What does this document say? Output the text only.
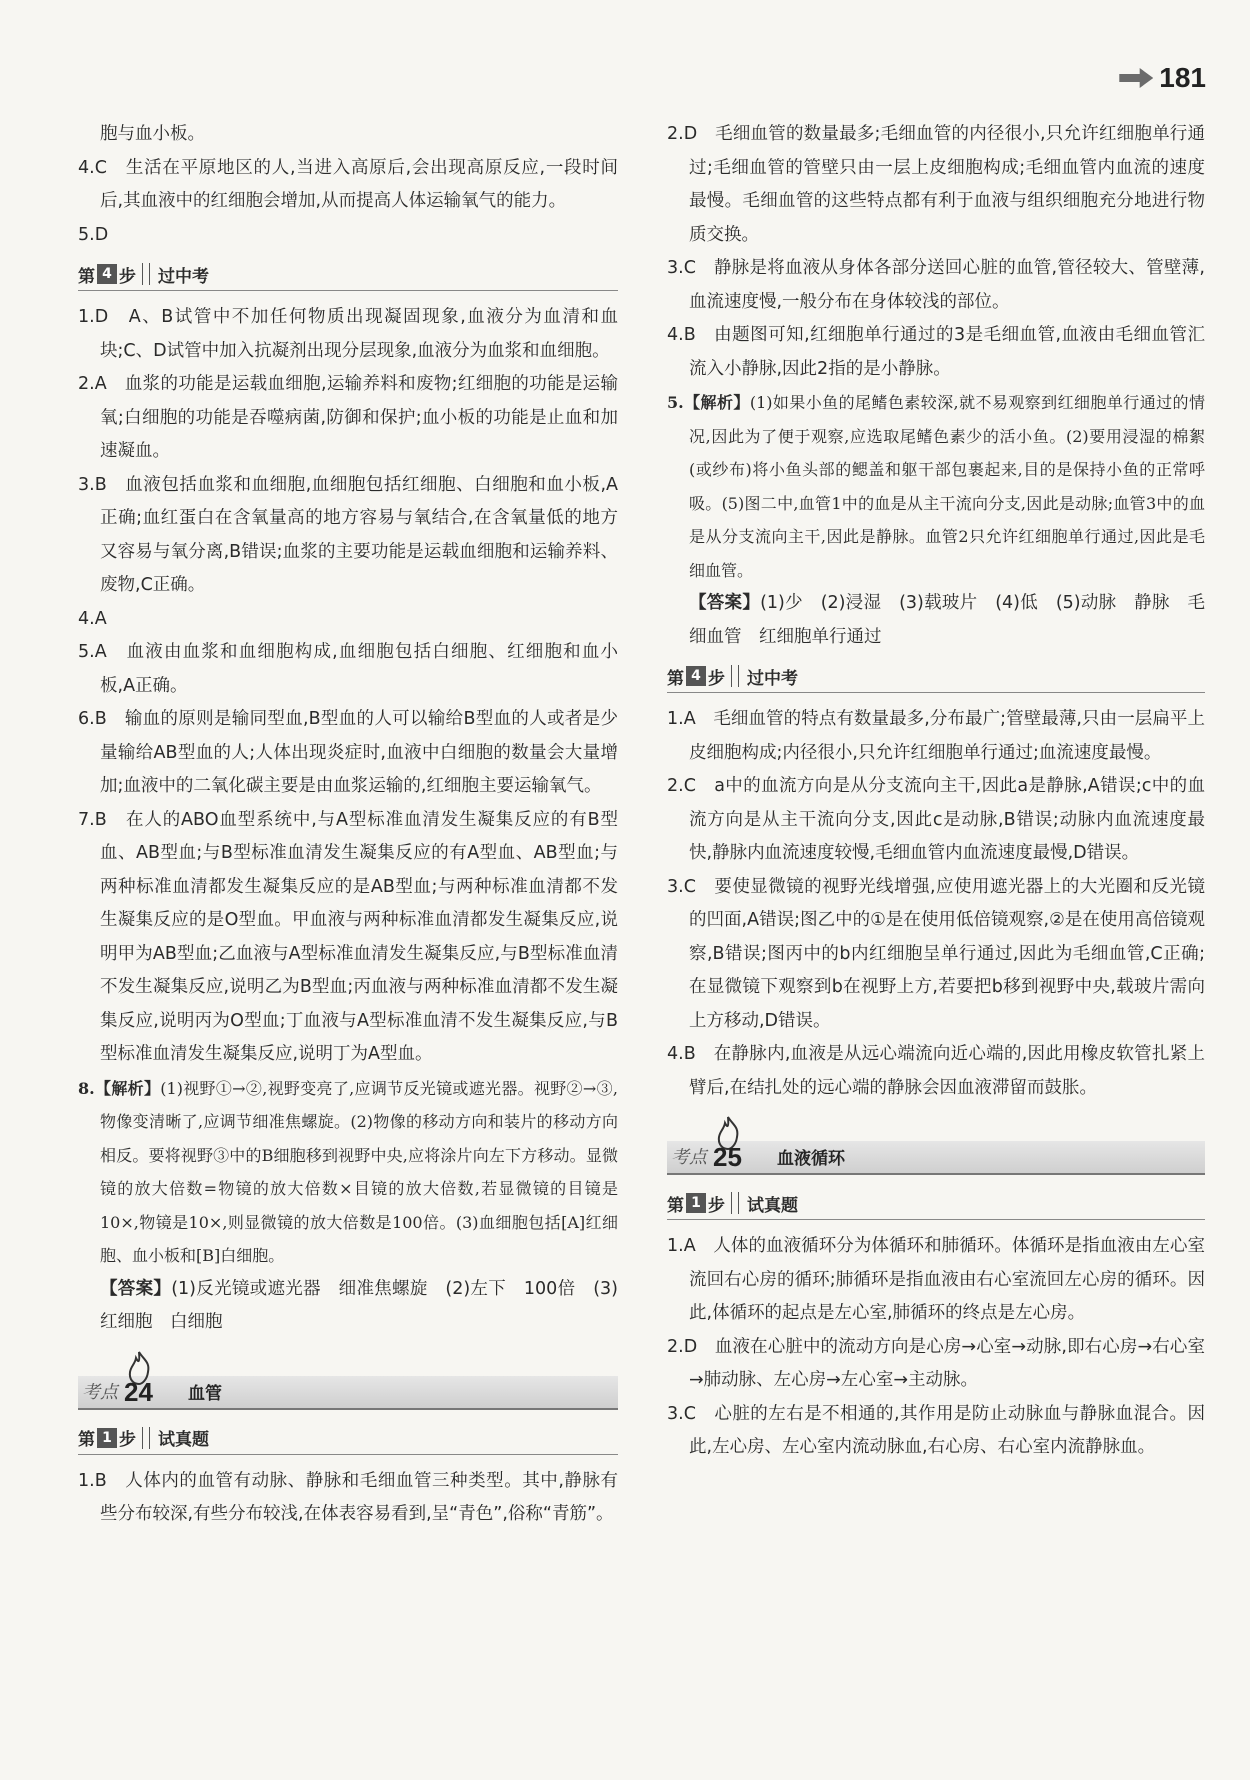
181

胞与血小板。

4.C　 生活在平原地区的人,当进入高原后,会出现高原反应,一段时间后,其血液中的红细胞会增加,从而提高人体运输氧气的能力。

5.D

第 4 步 过中考

1.D　 A、B试管中不加任何物质出现凝固现象,血液分为血清和血块;C、D试管中加入抗凝剂出现分层现象,血液分为血浆和血细胞。

2.A　 血浆的功能是运载血细胞,运输养料和废物;红细胞的功能是运输氧;白细胞的功能是吞噬病菌,防御和保护;血小板的功能是止血和加速凝血。

3.B　 血液包括血浆和血细胞,血细胞包括红细胞、白细胞和血小板,A正确;血红蛋白在含氧量高的地方容易与氧结合,在含氧量低的地方又容易与氧分离,B错误;血浆的主要功能是运载血细胞和运输养料、废物,C正确。

4.A

5.A　 血液由血浆和血细胞构成,血细胞包括白细胞、红细胞和血小板,A正确。

6.B　 输血的原则是输同型血,B型血的人可以输给B型血的人或者是少量输给AB型血的人;人体出现炎症时,血液中白细胞的数量会大量增加;血液中的二氧化碳主要是由血浆运输的,红细胞主要运输氧气。

7.B　 在人的ABO血型系统中,与A型标准血清发生凝集反应的有B型血、AB型血;与B型标准血清发生凝集反应的有A型血、AB型血;与两种标准血清都发生凝集反应的是AB型血;与两种标准血清都不发生凝集反应的是O型血。甲血液与两种标准血清都发生凝集反应,说明甲为AB型血;乙血液与A型标准血清发生凝集反应,与B型标准血清不发生凝集反应,说明乙为B型血;丙血液与两种标准血清都不发生凝集反应,说明丙为O型血;丁血液与A型标准血清不发生凝集反应,与B型标准血清发生凝集反应,说明丁为A型血。

8.【解析】(1)视野①→②,视野变亮了,应调节反光镜或遮光器。视野②→③,物像变清晰了,应调节细准焦螺旋。(2)物像的移动方向和装片的移动方向相反。要将视野③中的B细胞移到视野中央,应将涂片向左下方移动。显微镜的放大倍数=物镜的放大倍数×目镜的放大倍数,若显微镜的目镜是10×,物镜是10×,则显微镜的放大倍数是100倍。(3)血细胞包括[A]红细胞、血小板和[B]白细胞。

【答案】(1)反光镜或遮光器　细准焦螺旋　(2)左下　100倍　(3)红细胞　白细胞

考点 24 血管
第 1 步 试真题

1.B　 人体内的血管有动脉、静脉和毛细血管三种类型。其中,静脉有些分布较深,有些分布较浅,在体表容易看到,呈“青色”,俗称“青筋”。

2.D　 毛细血管的数量最多;毛细血管的内径很小,只允许红细胞单行通过;毛细血管的管壁只由一层上皮细胞构成;毛细血管内血流的速度最慢。毛细血管的这些特点都有利于血液与组织细胞充分地进行物质交换。

3.C　 静脉是将血液从身体各部分送回心脏的血管,管径较大、管壁薄,血流速度慢,一般分布在身体较浅的部位。

4.B　 由题图可知,红细胞单行通过的3是毛细血管,血液由毛细血管汇流入小静脉,因此2指的是小静脉。

5.【解析】(1)如果小鱼的尾鳍色素较深,就不易观察到红细胞单行通过的情况,因此为了便于观察,应选取尾鳍色素少的活小鱼。(2)要用浸湿的棉絮(或纱布)将小鱼头部的鳃盖和躯干部包裹起来,目的是保持小鱼的正常呼吸。(5)图二中,血管1中的血是从主干流向分支,因此是动脉;血管3中的血是从分支流向主干,因此是静脉。血管2只允许红细胞单行通过,因此是毛细血管。

【答案】(1)少　(2)浸湿　(3)载玻片　(4)低　(5)动脉　静脉　毛细血管　红细胞单行通过

第 4 步 过中考

1.A　 毛细血管的特点有数量最多,分布最广;管壁最薄,只由一层扁平上皮细胞构成;内径很小,只允许红细胞单行通过;血流速度最慢。

2.C　 a中的血流方向是从分支流向主干,因此a是静脉,A错误;c中的血流方向是从主干流向分支,因此c是动脉,B错误;动脉内血流速度最快,静脉内血流速度较慢,毛细血管内血流速度最慢,D错误。

3.C　 要使显微镜的视野光线增强,应使用遮光器上的大光圈和反光镜的凹面,A错误;图乙中的①是在使用低倍镜观察,②是在使用高倍镜观察,B错误;图丙中的b内红细胞呈单行通过,因此为毛细血管,C正确;在显微镜下观察到b在视野上方,若要把b移到视野中央,载玻片需向上方移动,D错误。

4.B　 在静脉内,血液是从远心端流向近心端的,因此用橡皮软管扎紧上臂后,在结扎处的远心端的静脉会因血液滞留而鼓胀。

考点 25 血液循环
第 1 步 试真题

1.A　 人体的血液循环分为体循环和肺循环。体循环是指血液由左心室流回右心房的循环;肺循环是指血液由右心室流回左心房的循环。因此,体循环的起点是左心室,肺循环的终点是左心房。

2.D　 血液在心脏中的流动方向是心房→心室→动脉,即右心房→右心室→肺动脉、左心房→左心室→主动脉。

3.C　 心脏的左右是不相通的,其作用是防止动脉血与静脉血混合。因此,左心房、左心室内流动脉血,右心房、右心室内流静脉血。
